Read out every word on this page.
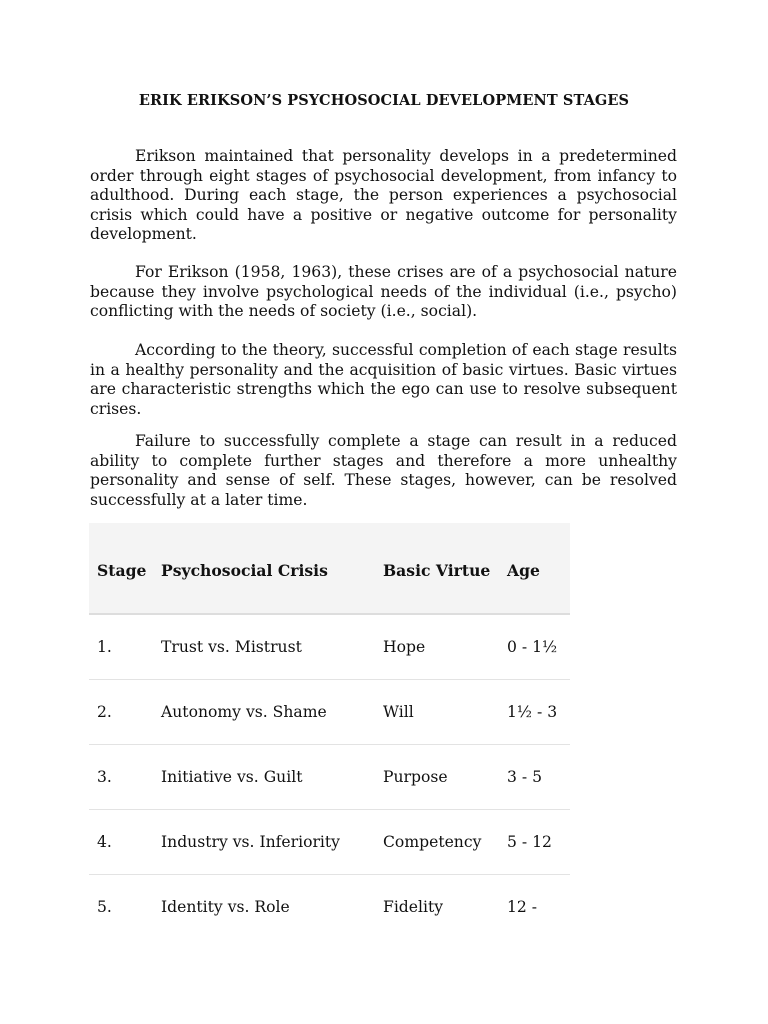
ERIK ERIKSON’S PSYCHOSOCIAL DEVELOPMENT STAGES

Erikson maintained that personality develops in a predetermined order through eight stages of psychosocial development, from infancy to adulthood. During each stage, the person experiences a psychosocial crisis which could have a positive or negative outcome for personality development.

For Erikson (1958, 1963), these crises are of a psychosocial nature because they involve psychological needs of the individual (i.e., psycho) conflicting with the needs of society (i.e., social).

According to the theory, successful completion of each stage results in a healthy personality and the acquisition of basic virtues. Basic virtues are characteristic strengths which the ego can use to resolve subsequent crises.

Failure to successfully complete a stage can result in a reduced ability to complete further stages and therefore a more unhealthy personality and sense of self. These stages, however, can be resolved successfully at a later time.

Stage	Psychosocial Crisis	Basic Virtue	Age
1.	Trust vs. Mistrust	Hope	0 - 1½
2.	Autonomy vs. Shame	Will	1½ - 3
3.	Initiative vs. Guilt	Purpose	3 - 5
4.	Industry vs. Inferiority	Competency	5 - 12
5.	Identity vs. Role	Fidelity	12 -
